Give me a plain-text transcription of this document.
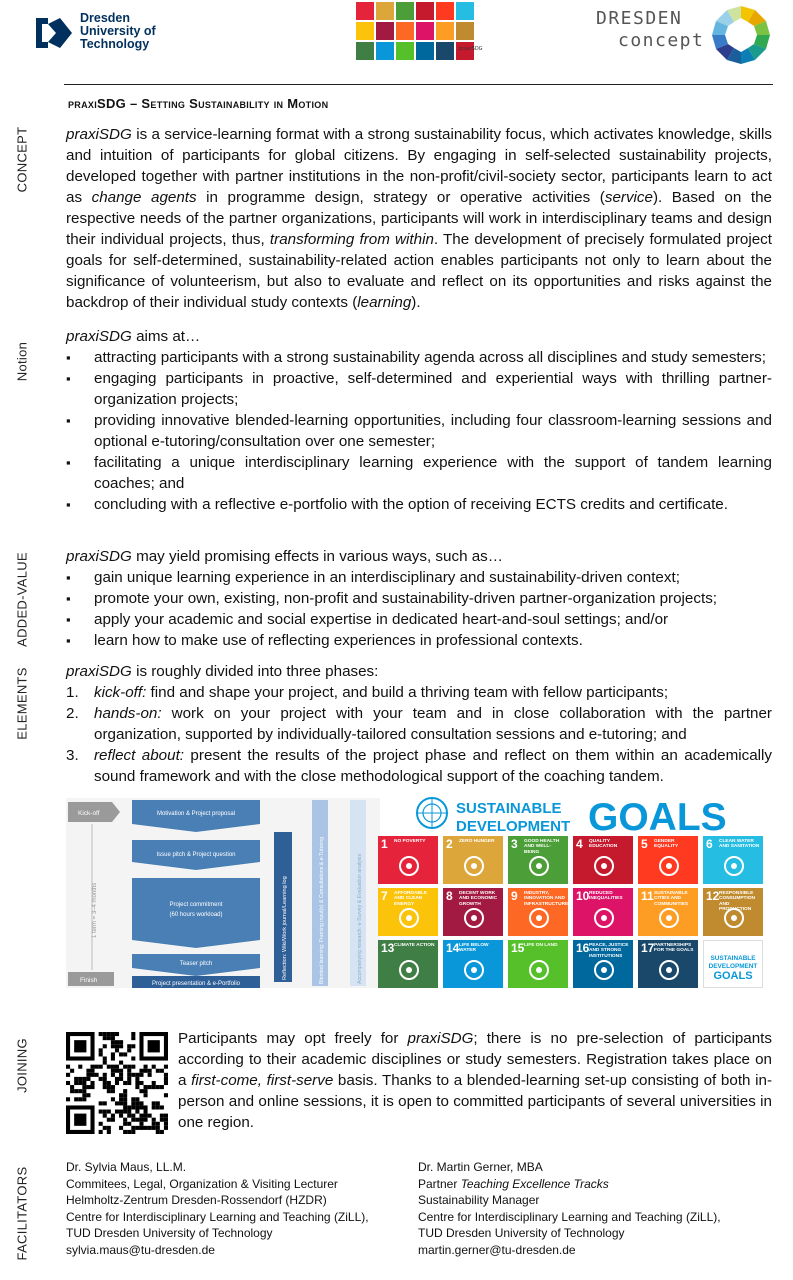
Dresden
University of
Technology	praxiSDG
DRESDEN
concept
CONCEPT
Notion
ADDED-VALUE
ELEMENTS
JOINING
FACILITATORS
praxiSDG – Setting Sustainability in Motion

praxiSDG is a service-learning format with a strong sustainability focus, which activates knowledge, skills and intuition of participants for global citizens. By engaging in self-selected sustainability projects, developed together with partner institutions in the non-profit/civil-society sector, participants learn to act as change agents in programme design, strategy or operative activities (service). Based on the respective needs of the partner organizations, participants will work in interdisciplinary teams and design their individual projects, thus, transforming from within. The development of precisely formulated project goals for self-determined, sustainability-related action enables participants not only to learn about the significance of volunteerism, but also to evaluate and reflect on its opportunities and risks against the backdrop of their individual study contexts (learning).

praxiSDG aims at…

▪ attracting participants with a strong sustainability agenda across all disciplines and study semesters;
▪ engaging participants in proactive, self-determined and experiential ways with thrilling partner-organization projects;
▪ providing innovative blended-learning opportunities, including four classroom-learning sessions and optional e-tutoring/consultation over one semester;
▪ facilitating a unique interdisciplinary learning experience with the support of tandem learning coaches; and
▪ concluding with a reflective e-portfolio with the option of receiving ECTS credits and certificate.

praxiSDG may yield promising effects in various ways, such as…

▪ gain unique learning experience in an interdisciplinary and sustainability-driven context;
▪ promote your own, existing, non-profit and sustainability-driven partner-organization projects;
▪ apply your academic and social expertise in dedicated heart-and-soul settings; and/or
▪ learn how to make use of reflecting experiences in professional contexts.

praxiSDG is roughly divided into three phases:

1. kick-off: find and shape your project, and build a thriving team with fellow participants;
2. hands-on: work on your project with your team and in close collaboration with the partner organization, supported by individually-tailored consultation sessions and e-tutoring; and
3. reflect about: present the results of the project phase and reflect on them within an academically sound framework and with the close methodological support of the coaching tandem.
Kick-off
1 term = 3–4 months
Finish
Motivation & Project proposal
Issue pitch & Project question
Project commitment
(60 hours workload)
Teaser pitch
Project presentation & e-Portfolio
Reflection: Wiki/Work journal/Learning log	Blended learning: Framing input(s) & Consultations & e-Tutoring	Accompanying research: e-Survey & Evaluation analysis
SUSTAINABLE
DEVELOPMENT GOALS
1 NO POVERTY	2 ZERO HUNGER	3 GOOD HEALTH AND WELL-BEING
4 QUALITY EDUCATION	5 GENDER EQUALITY	6 CLEAN WATER AND SANITATION
7 AFFORDABLE AND CLEAN ENERGY
8 DECENT WORK AND ECONOMIC GROWTH
9 INDUSTRY, INNOVATION AND INFRASTRUCTURE
10 REDUCED INEQUALITIES	11 SUSTAINABLE CITIES AND COMMUNITIES
12 RESPONSIBLE CONSUMPTION AND PRODUCTION
13 CLIMATE ACTION 14 LIFE BELOW WATER	15 LIFE ON LAND	16 PEACE, JUSTICE AND STRONG INSTITUTIONS
17 PARTNERSHIPS FOR THE GOALS
SUSTAINABLE
DEVELOPMENT
GOALS
Participants may opt freely for praxiSDG; there is no pre-selection of participants according to their academic disciplines or study semesters. Registration takes place on a first-come, first-serve basis. Thanks to a blended-learning set-up consisting of both in-person and online sessions, it is open to committed participants of several universities in one region.
Dr. Sylvia Maus, LL.M.
Commitees, Legal, Organization & Visiting Lecturer
Helmholtz-Zentrum Dresden-Rossendorf (HZDR)
Centre for Interdisciplinary Learning and Teaching (ZiLL),
TUD Dresden University of Technology
sylvia.maus@tu-dresden.de
Dr. Martin Gerner, MBA
Partner Teaching Excellence Tracks
Sustainability Manager
Centre for Interdisciplinary Learning and Teaching (ZiLL),
TUD Dresden University of Technology
martin.gerner@tu-dresden.de
